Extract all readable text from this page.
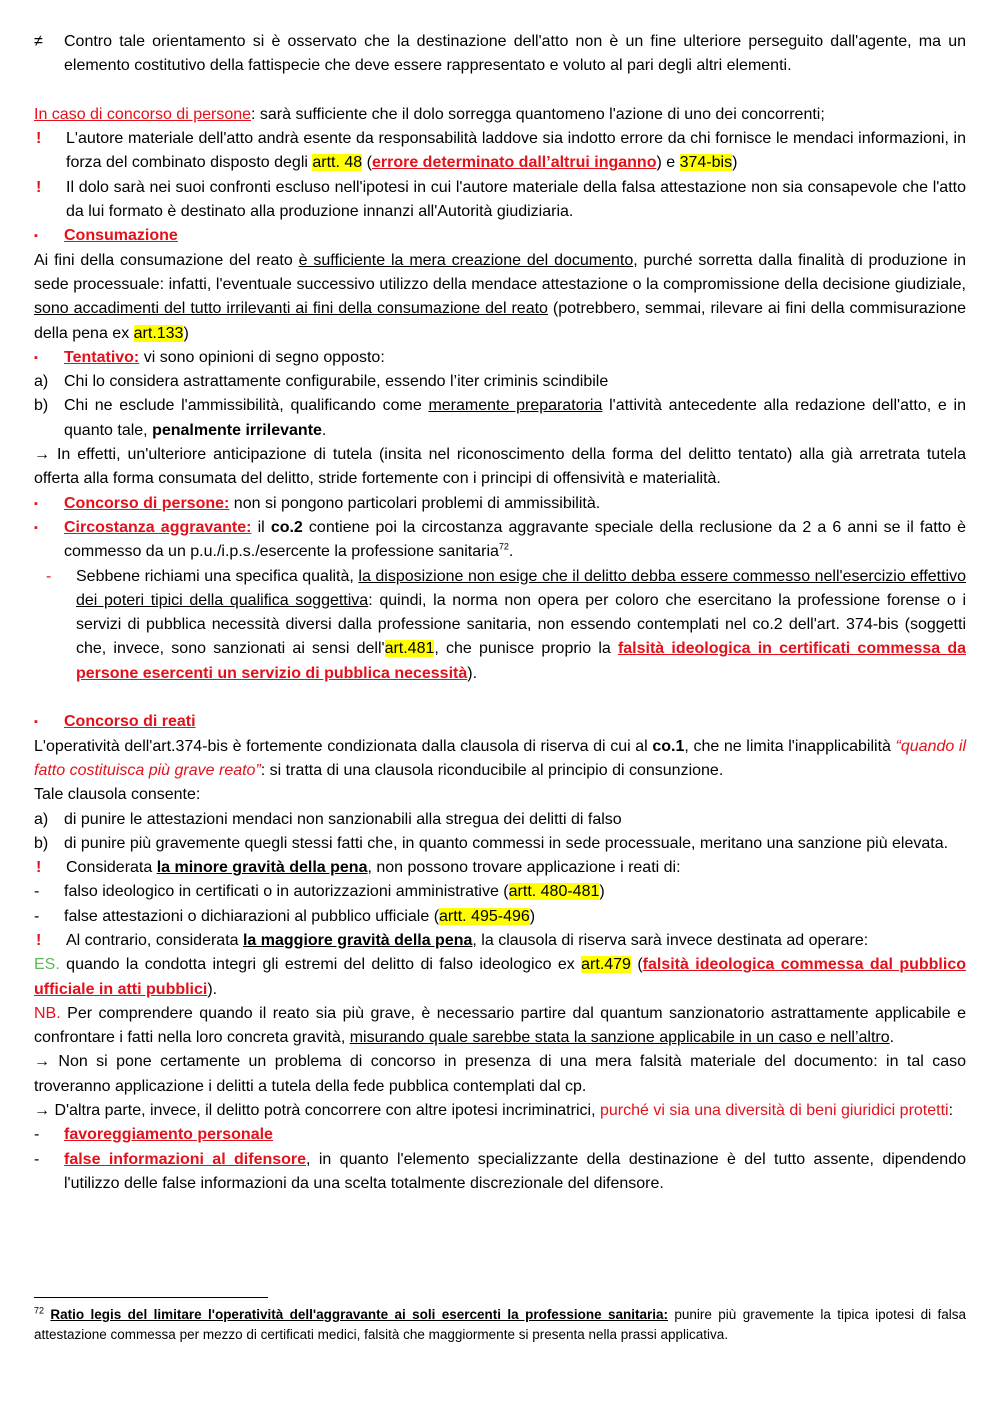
≠	Contro tale orientamento si è osservato che la destinazione dell'atto non è un fine ulteriore perseguito dall'agente, ma un elemento costitutivo della fattispecie che deve essere rappresentato e voluto al pari degli altri elementi.

In caso di concorso di persone: sarà sufficiente che il dolo sorregga quantomeno l'azione di uno dei concorrenti;

!	L'autore materiale dell'atto andrà esente da responsabilità laddove sia indotto errore da chi fornisce le mendaci informazioni, in forza del combinato disposto degli artt. 48 (errore determinato dall’altrui inganno) e 374-bis)
!	Il dolo sarà nei suoi confronti escluso nell'ipotesi in cui l'autore materiale della falsa attestazione non sia consapevole che l'atto da lui formato è destinato alla produzione innanzi all'Autorità giudiziaria.
▪	Consumazione

Ai fini della consumazione del reato è sufficiente la mera creazione del documento, purché sorretta dalla finalità di produzione in sede processuale: infatti, l'eventuale successivo utilizzo della mendace attestazione o la compromissione della decisione giudiziale, sono accadimenti del tutto irrilevanti ai fini della consumazione del reato (potrebbero, semmai, rilevare ai fini della commisurazione della pena ex art.133)

▪	Tentativo: vi sono opinioni di segno opposto:
a) Chi lo considera astrattamente configurabile, essendo l’iter criminis scindibile
b) Chi ne esclude l'ammissibilità, qualificando come meramente preparatoria l'attività antecedente alla redazione dell'atto, e in quanto tale, penalmente irrilevante.

→ In effetti, un'ulteriore anticipazione di tutela (insita nel riconoscimento della forma del delitto tentato) alla già arretrata tutela offerta alla forma consumata del delitto, stride fortemente con i principi di offensività e materialità.

▪	Concorso di persone: non si pongono particolari problemi di ammissibilità.
▪	Circostanza aggravante: il co.2 contiene poi la circostanza aggravante speciale della reclusione da 2 a 6 anni se il fatto è commesso da un p.u./i.p.s./esercente la professione sanitaria$^{72}$.
-	Sebbene richiami una specifica qualità, la disposizione non esige che il delitto debba essere commesso nell'esercizio effettivo dei poteri tipici della qualifica soggettiva: quindi, la norma non opera per coloro che esercitano la professione forense o i servizi di pubblica necessità diversi dalla professione sanitaria, non essendo contemplati nel co.2 dell'art. 374-bis (soggetti che, invece, sono sanzionati ai sensi dell'art.481, che punisce proprio la falsità ideologica in certificati commessa da persone esercenti un servizio di pubblica necessità).
▪	Concorso di reati

L'operatività dell'art.374-bis è fortemente condizionata dalla clausola di riserva di cui al co.1, che ne limita l'inapplicabilità “quando il fatto costituisca più grave reato”: si tratta di una clausola riconducibile al principio di consunzione.

Tale clausola consente:

a) di punire le attestazioni mendaci non sanzionabili alla stregua dei delitti di falso
b) di punire più gravemente quegli stessi fatti che, in quanto commessi in sede processuale, meritano una sanzione più elevata.
!	Considerata la minore gravità della pena, non possono trovare applicazione i reati di:
-	falso ideologico in certificati o in autorizzazioni amministrative (artt. 480-481)
-	false attestazioni o dichiarazioni al pubblico ufficiale (artt. 495-496)
!	Al contrario, considerata la maggiore gravità della pena, la clausola di riserva sarà invece destinata ad operare:

ES. quando la condotta integri gli estremi del delitto di falso ideologico ex art.479 (falsità ideologica commessa dal pubblico ufficiale in atti pubblici).

NB. Per comprendere quando il reato sia più grave, è necessario partire dal quantum sanzionatorio astrattamente applicabile e confrontare i fatti nella loro concreta gravità, misurando quale sarebbe stata la sanzione applicabile in un caso e nell’altro.

→ Non si pone certamente un problema di concorso in presenza di una mera falsità materiale del documento: in tal caso troveranno applicazione i delitti a tutela della fede pubblica contemplati dal cp.

→ D'altra parte, invece, il delitto potrà concorrere con altre ipotesi incriminatrici, purché vi sia una diversità di beni giuridici protetti:

-	favoreggiamento personale
-	false informazioni al difensore, in quanto l'elemento specializzante della destinazione è del tutto assente, dipendendo l'utilizzo delle false informazioni da una scelta totalmente discrezionale del difensore.
$^{72}$ Ratio legis del limitare l'operatività dell'aggravante ai soli esercenti la professione sanitaria: punire più gravemente la tipica ipotesi di falsa attestazione commessa per mezzo di certificati medici, falsità che maggiormente si presenta nella prassi applicativa.
